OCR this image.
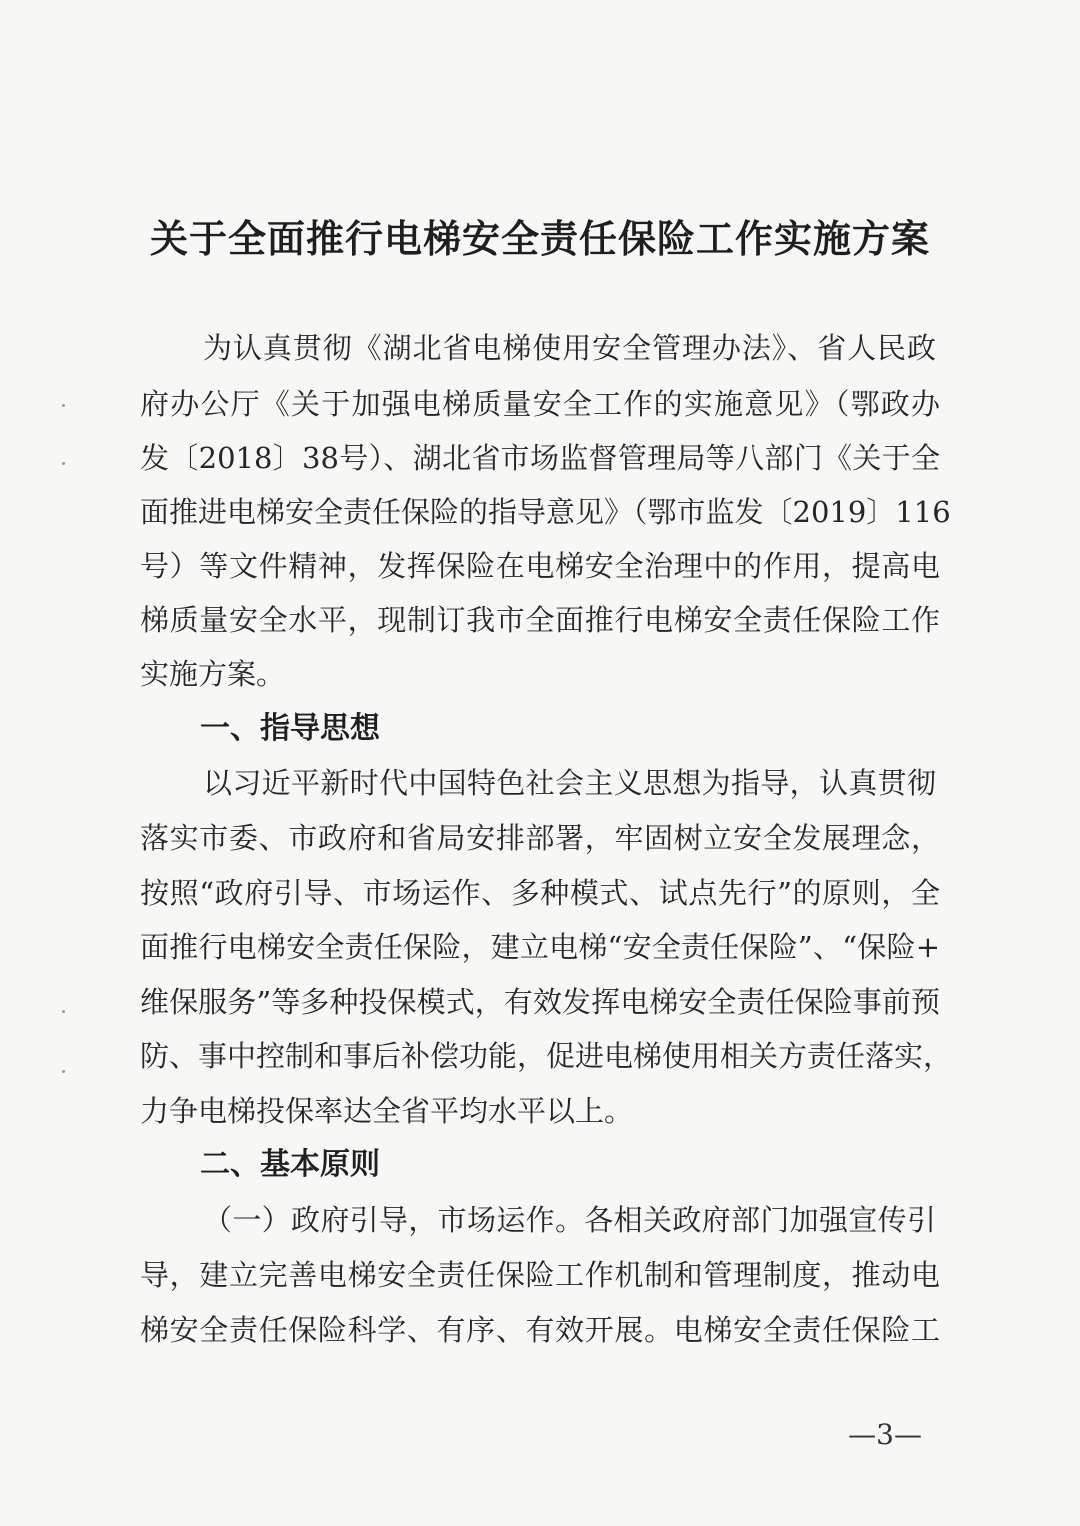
关于全面推行电梯安全责任保险工作实施方案
为认真贯彻《湖北省电梯使用安全管理办法》、省人民政
府办公厅《关于加强电梯质量安全工作的实施意见》（鄂政办
发〔2018〕38号）、湖北省市场监督管理局等八部门《关于全
面推进电梯安全责任保险的指导意见》（鄂市监发〔2019〕116
号）等文件精神，发挥保险在电梯安全治理中的作用，提高电
梯质量安全水平，现制订我市全面推行电梯安全责任保险工作
实施方案。
一、指导思想
以习近平新时代中国特色社会主义思想为指导，认真贯彻
落实市委、市政府和省局安排部署，牢固树立安全发展理念，
按照“政府引导、市场运作、多种模式、试点先行”的原则，全
面推行电梯安全责任保险，建立电梯“安全责任保险”、“保险+
维保服务”等多种投保模式，有效发挥电梯安全责任保险事前预
防、事中控制和事后补偿功能，促进电梯使用相关方责任落实，
力争电梯投保率达全省平均水平以上。
二、基本原则
（一）政府引导，市场运作。各相关政府部门加强宣传引
导，建立完善电梯安全责任保险工作机制和管理制度，推动电
梯安全责任保险科学、有序、有效开展。电梯安全责任保险工
—3—
